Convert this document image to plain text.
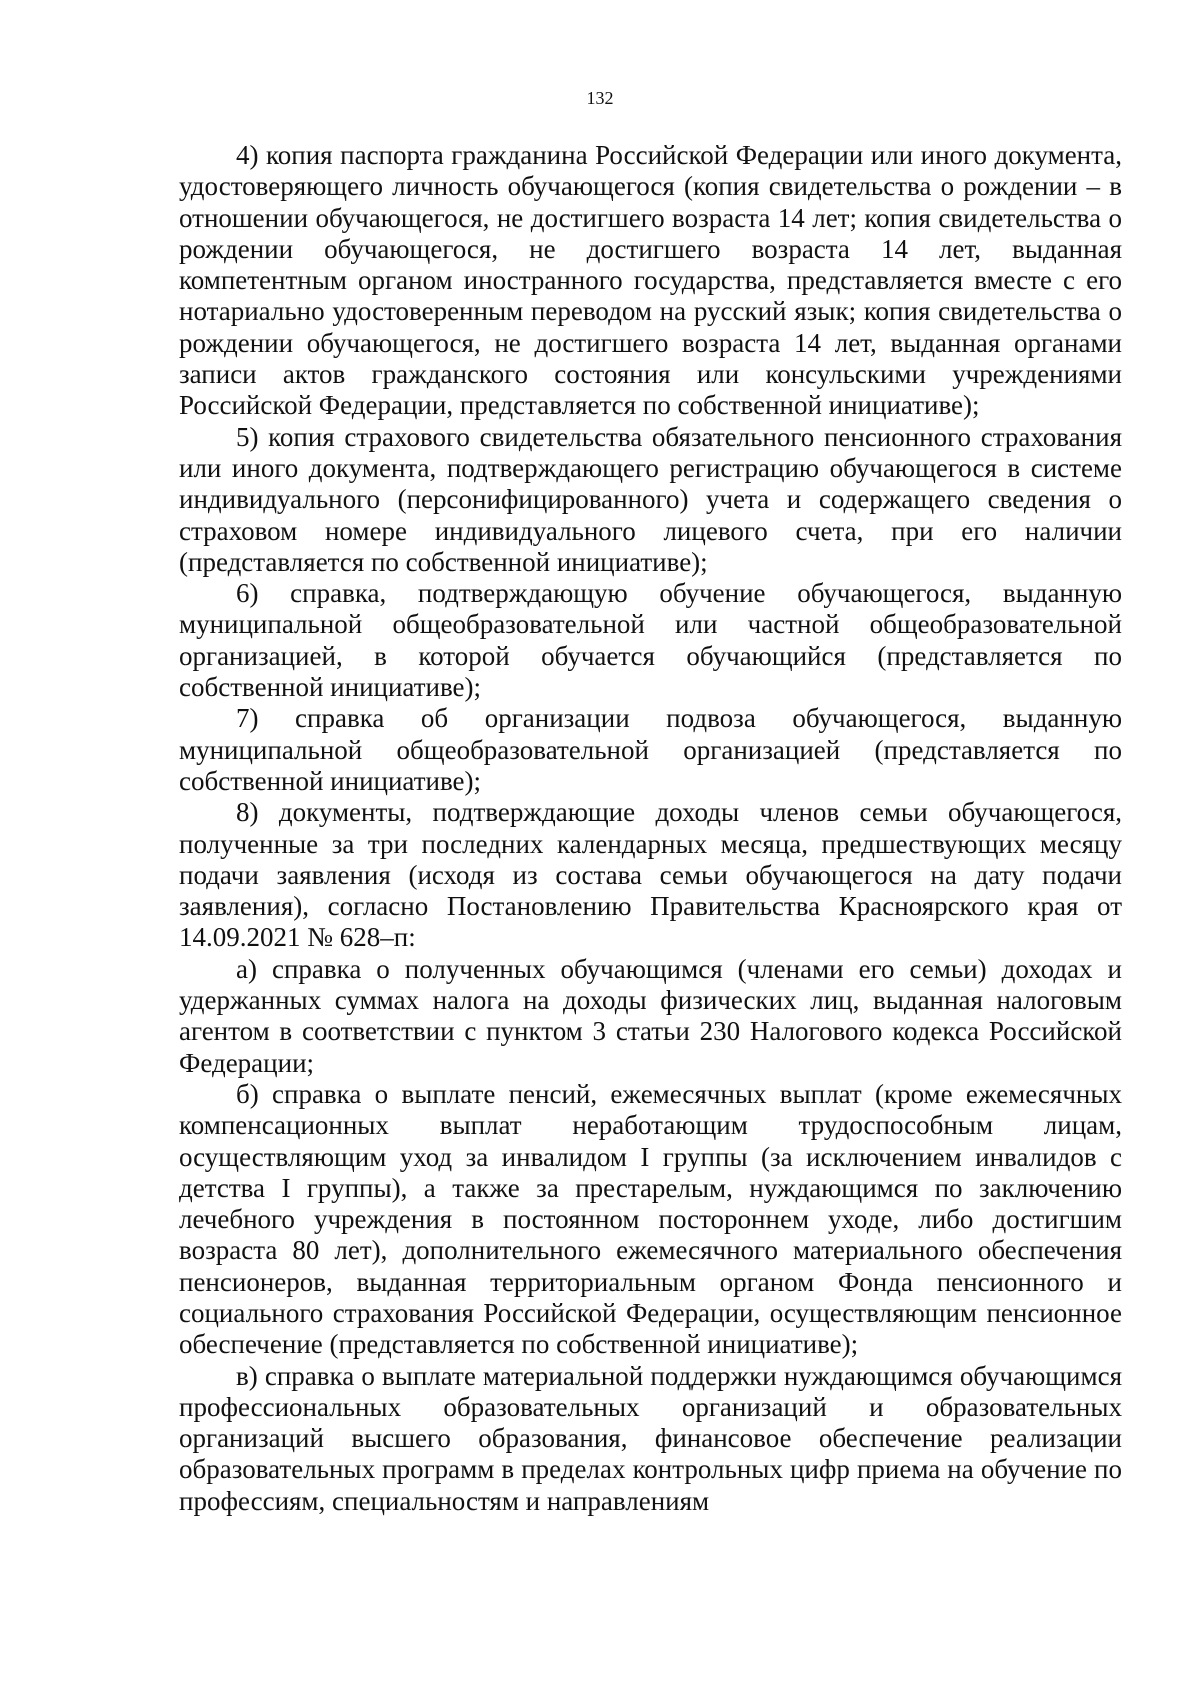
132

4) копия паспорта гражданина Российской Федерации или иного документа, удостоверяющего личность обучающегося (копия свидетельства о рождении – в отношении обучающегося, не достигшего возраста 14 лет; копия свидетельства о рождении обучающегося, не достигшего возраста 14 лет, выданная компетентным органом иностранного государства, представляется вместе с его нотариально удостоверенным переводом на русский язык; копия свидетельства о рождении обучающегося, не достигшего возраста 14 лет, выданная органами записи актов гражданского состояния или консульскими учреждениями Российской Федерации, представляется по собственной инициативе);

5) копия страхового свидетельства обязательного пенсионного страхования или иного документа, подтверждающего регистрацию обучающегося в системе индивидуального (персонифицированного) учета и содержащего сведения о страховом номере индивидуального лицевого счета, при его наличии (представляется по собственной инициативе);

6) справка, подтверждающую обучение обучающегося, выданную муниципальной общеобразовательной или частной общеобразовательной организацией, в которой обучается обучающийся (представляется по собственной инициативе);

7) справка об организации подвоза обучающегося, выданную муниципальной общеобразовательной организацией (представляется по собственной инициативе);

8) документы, подтверждающие доходы членов семьи обучающегося, полученные за три последних календарных месяца, предшествующих месяцу подачи заявления (исходя из состава семьи обучающегося на дату подачи заявления), согласно Постановлению Правительства Красноярского края от 14.09.2021 № 628–п:

а) справка о полученных обучающимся (членами его семьи) доходах и удержанных суммах налога на доходы физических лиц, выданная налоговым агентом в соответствии с пунктом 3 статьи 230 Налогового кодекса Российской Федерации;

б) справка о выплате пенсий, ежемесячных выплат (кроме ежемесячных компенсационных выплат неработающим трудоспособным лицам, осуществляющим уход за инвалидом I группы (за исключением инвалидов с детства I группы), а также за престарелым, нуждающимся по заключению лечебного учреждения в постоянном постороннем уходе, либо достигшим возраста 80 лет), дополнительного ежемесячного материального обеспечения пенсионеров, выданная территориальным органом Фонда пенсионного и социального страхования Российской Федерации, осуществляющим пенсионное обеспечение (представляется по собственной инициативе);

в) справка о выплате материальной поддержки нуждающимся обучающимся профессиональных образовательных организаций и образовательных организаций высшего образования, финансовое обеспечение реализации образовательных программ в пределах контрольных цифр приема на обучение по профессиям, специальностям и направлениям
